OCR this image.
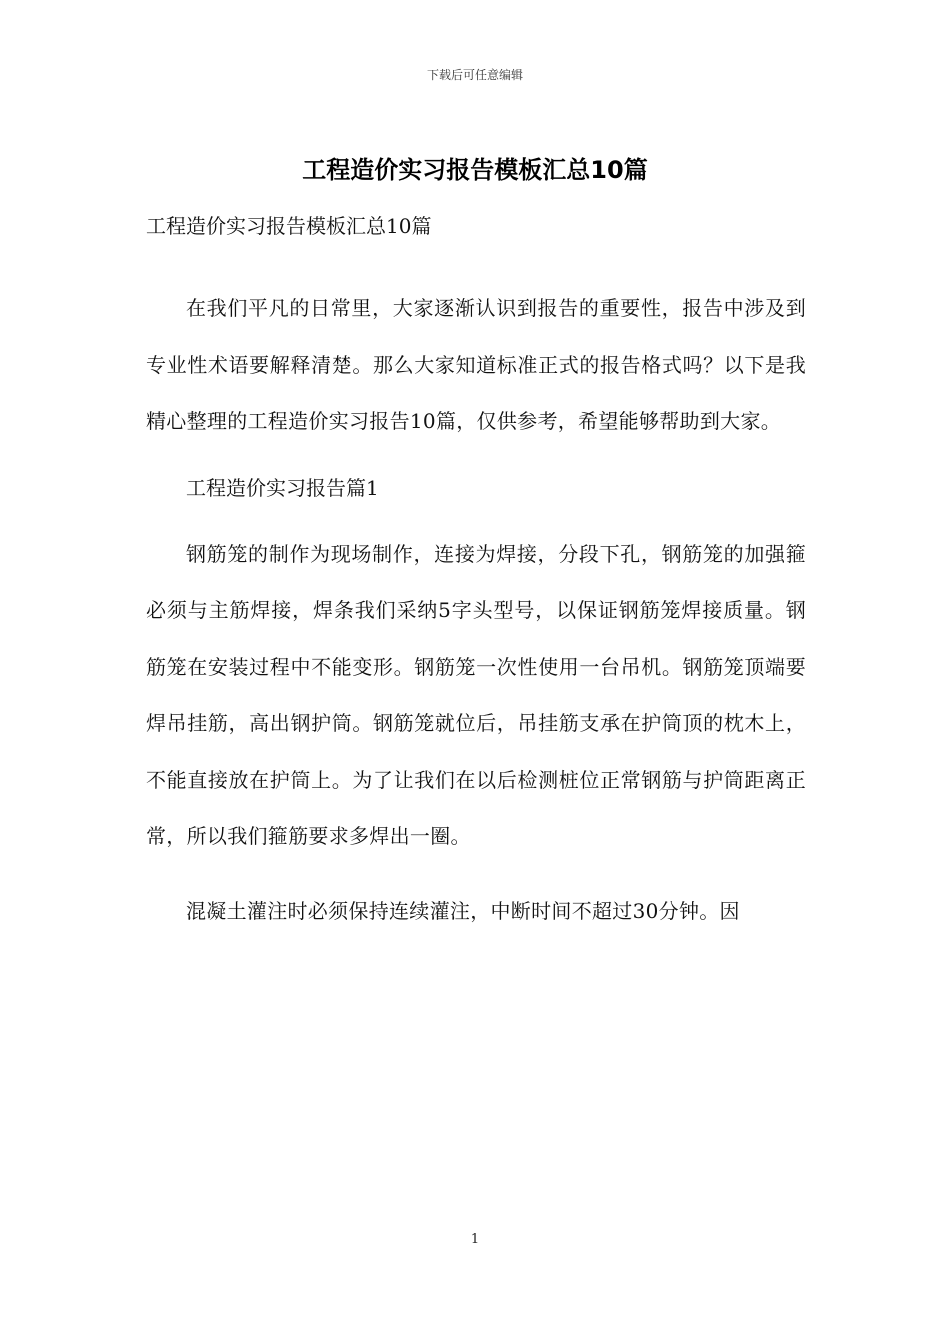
下载后可任意编辑
工程造价实习报告模板汇总10篇
工程造价实习报告模板汇总10篇

在我们平凡的日常里，大家逐渐认识到报告的重要性，报告中涉及到专业性术语要解释清楚。那么大家知道标准正式的报告格式吗？以下是我精心整理的工程造价实习报告10篇，仅供参考，希望能够帮助到大家。

工程造价实习报告篇1

钢筋笼的制作为现场制作，连接为焊接，分段下孔，钢筋笼的加强箍必须与主筋焊接，焊条我们采纳5字头型号，以保证钢筋笼焊接质量。钢筋笼在安装过程中不能变形。钢筋笼一次性使用一台吊机。钢筋笼顶端要焊吊挂筋，高出钢护筒。钢筋笼就位后，吊挂筋支承在护筒顶的枕木上，不能直接放在护筒上。为了让我们在以后检测桩位正常钢筋与护筒距离正常，所以我们箍筋要求多焊出一圈。

混凝土灌注时必须保持连续灌注，中断时间不超过30分钟。因

1
